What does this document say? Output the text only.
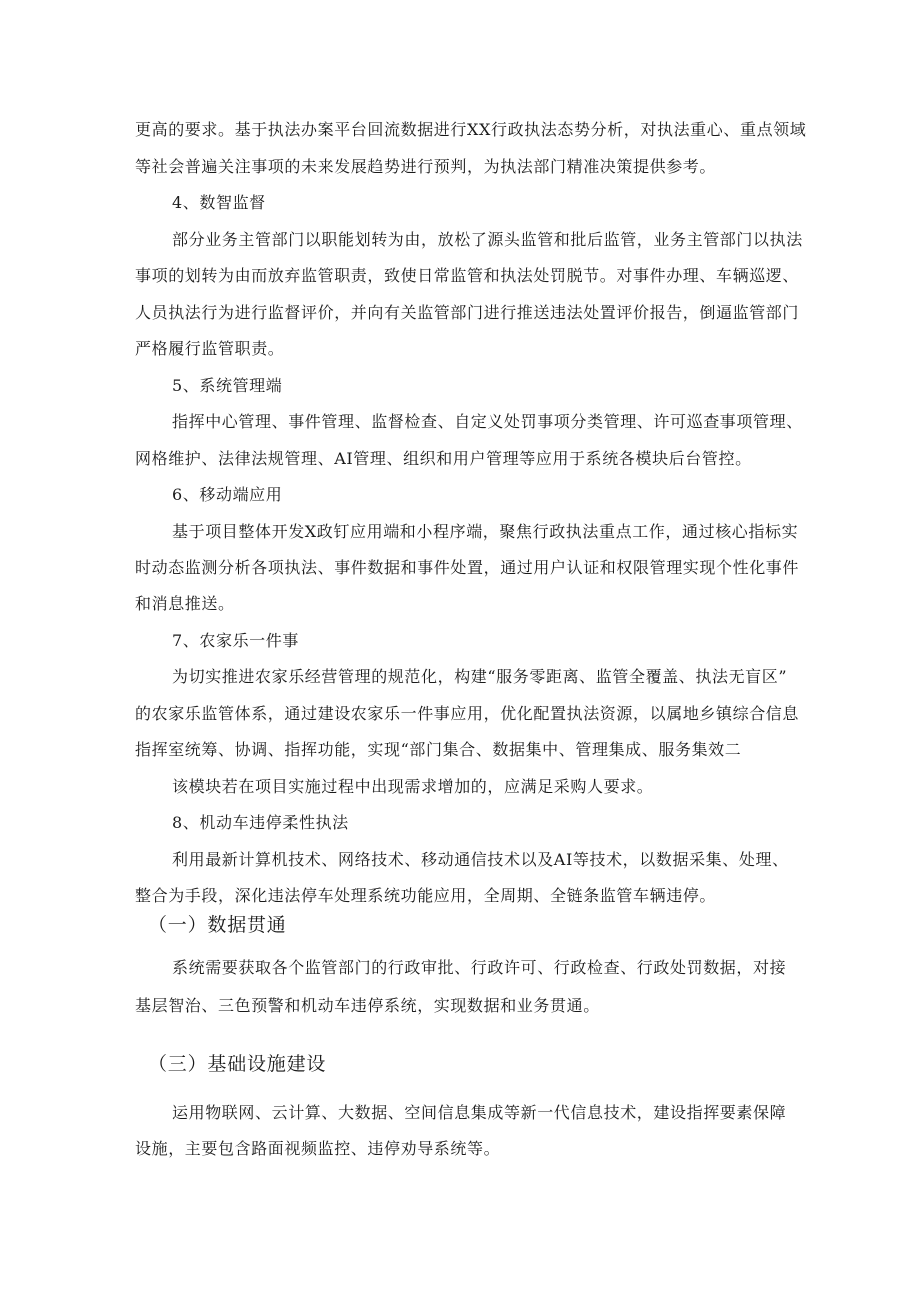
更高的要求。基于执法办案平台回流数据进行XX行政执法态势分析，对执法重心、重点领域
等社会普遍关注事项的未来发展趋势进行预判，为执法部门精准决策提供参考。
4、数智监督
部分业务主管部门以职能划转为由，放松了源头监管和批后监管，业务主管部门以执法
事项的划转为由而放弃监管职责，致使日常监管和执法处罚脱节。对事件办理、车辆巡逻、
人员执法行为进行监督评价，并向有关监管部门进行推送违法处置评价报告，倒逼监管部门
严格履行监管职责。
5、系统管理端
指挥中心管理、事件管理、监督检查、自定义处罚事项分类管理、许可巡查事项管理、
网格维护、法律法规管理、AI管理、组织和用户管理等应用于系统各模块后台管控。
6、移动端应用
基于项目整体开发X政钉应用端和小程序端，聚焦行政执法重点工作，通过核心指标实
时动态监测分析各项执法、事件数据和事件处置，通过用户认证和权限管理实现个性化事件
和消息推送。
7、农家乐一件事
为切实推进农家乐经营管理的规范化，构建“服务零距离、监管全覆盖、执法无盲区”
的农家乐监管体系，通过建设农家乐一件事应用，优化配置执法资源，以属地乡镇综合信息
指挥室统筹、协调、指挥功能，实现“部门集合、数据集中、管理集成、服务集效二
该模块若在项目实施过程中出现需求增加的，应满足采购人要求。
8、机动车违停柔性执法
利用最新计算机技术、网络技术、移动通信技术以及AI等技术，以数据采集、处理、
整合为手段，深化违法停车处理系统功能应用，全周期、全链条监管车辆违停。
（一）数据贯通
系统需要获取各个监管部门的行政审批、行政许可、行政检查、行政处罚数据，对接
基层智治、三色预警和机动车违停系统，实现数据和业务贯通。
（三）基础设施建设
运用物联网、云计算、大数据、空间信息集成等新一代信息技术，建设指挥要素保障
设施，主要包含路面视频监控、违停劝导系统等。
